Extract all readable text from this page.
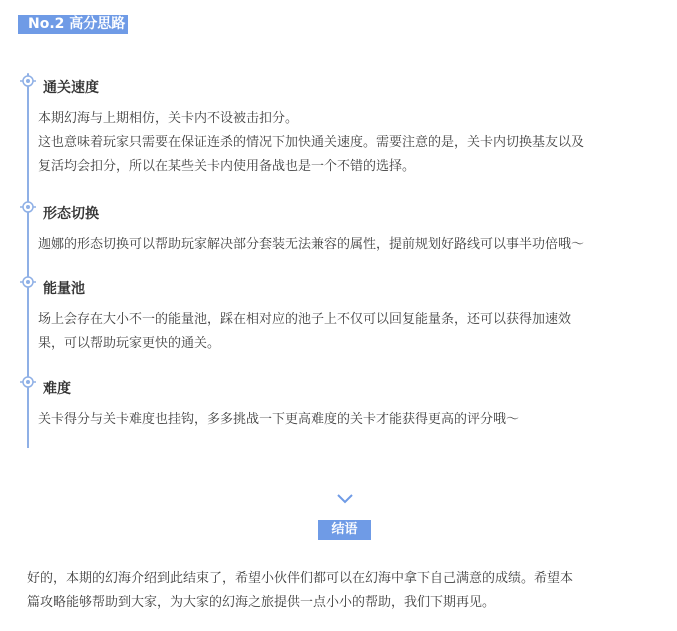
No.2 高分思路
通关速度
本期幻海与上期相仿，关卡内不设被击扣分。
这也意味着玩家只需要在保证连杀的情况下加快通关速度。需要注意的是，关卡内切换基友以及
复活均会扣分，所以在某些关卡内使用备战也是一个不错的选择。
形态切换
迦娜的形态切换可以帮助玩家解决部分套装无法兼容的属性，提前规划好路线可以事半功倍哦～
能量池
场上会存在大小不一的能量池，踩在相对应的池子上不仅可以回复能量条，还可以获得加速效
果，可以帮助玩家更快的通关。
难度
关卡得分与关卡难度也挂钩，多多挑战一下更高难度的关卡才能获得更高的评分哦～
结语
好的，本期的幻海介绍到此结束了，希望小伙伴们都可以在幻海中拿下自己满意的成绩。希望本
篇攻略能够帮助到大家，为大家的幻海之旅提供一点小小的帮助，我们下期再见。
